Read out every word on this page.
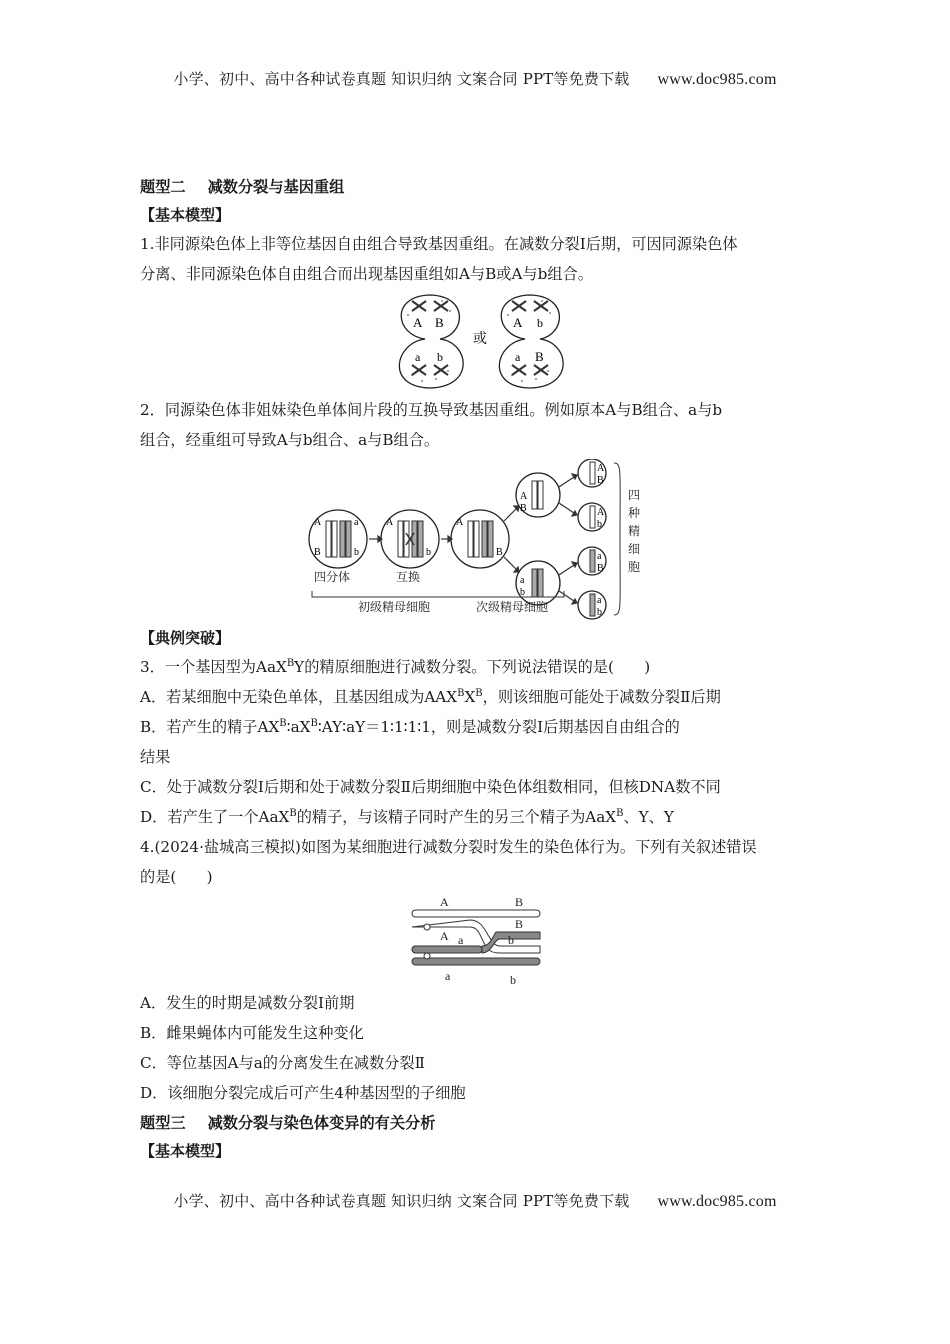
小学、初中、高中各种试卷真题 知识归纳 文案合同 PPT等免费下载 www.doc985.com
题型二 减数分裂与基因重组
【基本模型】
1.非同源染色体上非等位基因自由组合导致基因重组。在减数分裂Ⅰ后期，可因同源染色体
分离、非同源染色体自由组合而出现基因重组如A与B或A与b组合。
A B
a b
或
A b
a B
2．同源染色体非姐妹染色单体间片段的互换导致基因重组。例如原本A与B组合、a与b
组合，经重组可导致A与b组合、a与B组合。
A
B
a
b
A
b
A
B
A
B
a
b
A
B
A
b
a
B
a
b
四分体	互换
初级精母细胞	次级精母细胞
四
种
精
细
胞
【典例突破】
3．一个基因型为AaX$^B$Y的精原细胞进行减数分裂。下列说法错误的是(　　)
A．若某细胞中无染色单体，且基因组成为$AAX^BX^B$，则该细胞可能处于减数分裂Ⅱ后期
B．若产生的精子$AX^B∶aX^B∶AY∶aY=1∶1∶1∶1$，则是减数分裂Ⅰ后期基因自由组合的
结果
C．处于减数分裂Ⅰ后期和处于减数分裂Ⅱ后期细胞中染色体组数相同，但核DNA数不同
D．若产生了一个AaX$^B$的精子，与该精子同时产生的另三个精子为AaX$^B$、Y、Y
4.(2024·盐城高三模拟)如图为某细胞进行减数分裂时发生的染色体行为。下列有关叙述错误
的是(　　)
A	B
A a	b
B
a	b
A．发生的时期是减数分裂Ⅰ前期
B．雌果蝇体内可能发生这种变化
C．等位基因A与a的分离发生在减数分裂Ⅱ
D．该细胞分裂完成后可产生4种基因型的子细胞
题型三 减数分裂与染色体变异的有关分析
【基本模型】
小学、初中、高中各种试卷真题 知识归纳 文案合同 PPT等免费下载 www.doc985.com
